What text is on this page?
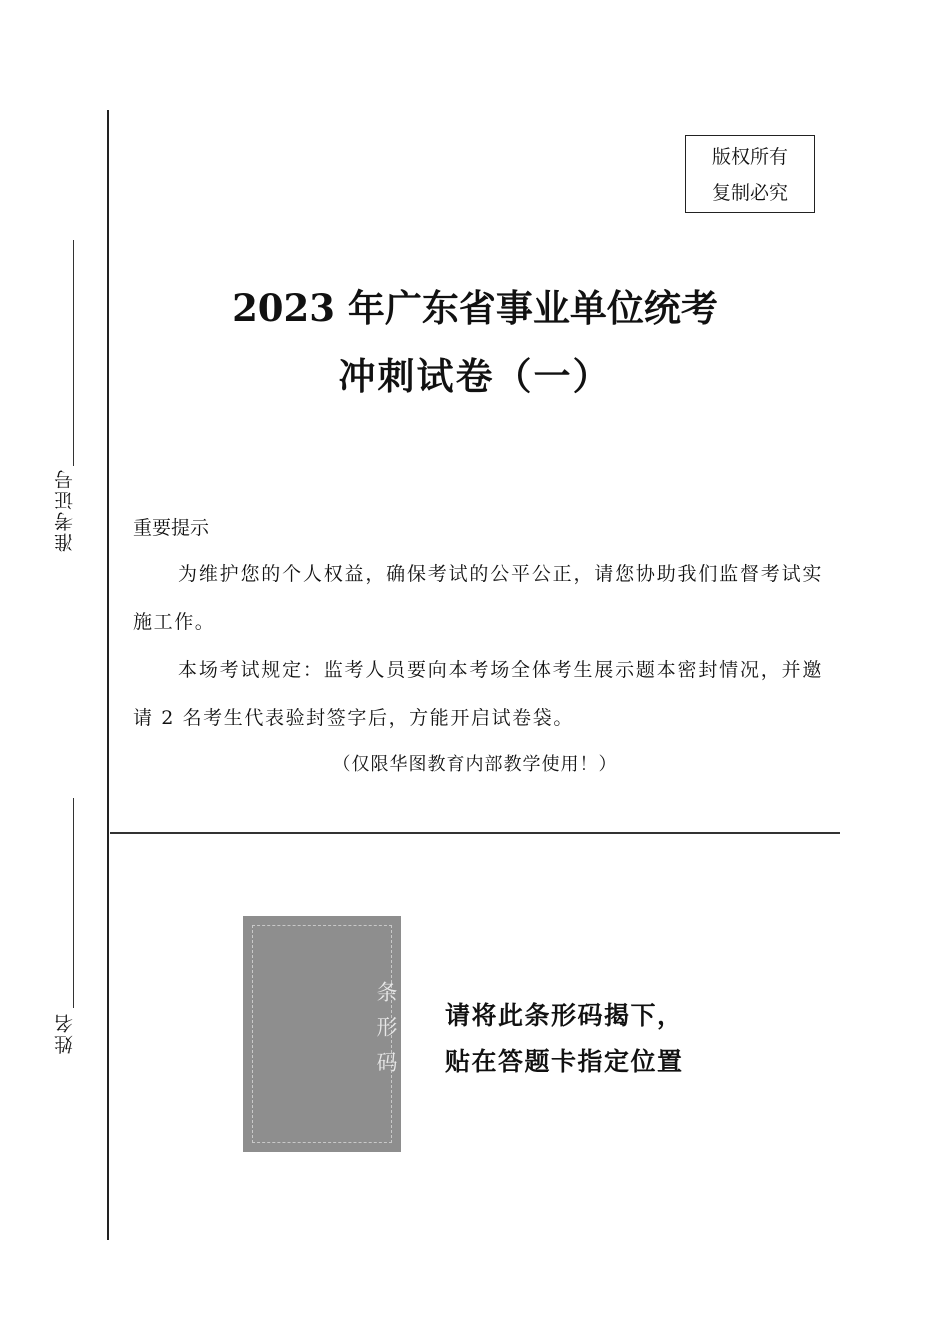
准考证号
姓名
版权所有
复制必究
2023 年广东省事业单位统考
冲刺试卷（一）
重要提示
为维护您的个人权益，确保考试的公平公正，请您协助我们监督考试实施工作。
本场考试规定：监考人员要向本考场全体考生展示题本密封情况，并邀请 2 名考生代表验封签字后，方能开启试卷袋。
（仅限华图教育内部教学使用！）
条形码 请将此条形码揭下，
贴在答题卡指定位置
